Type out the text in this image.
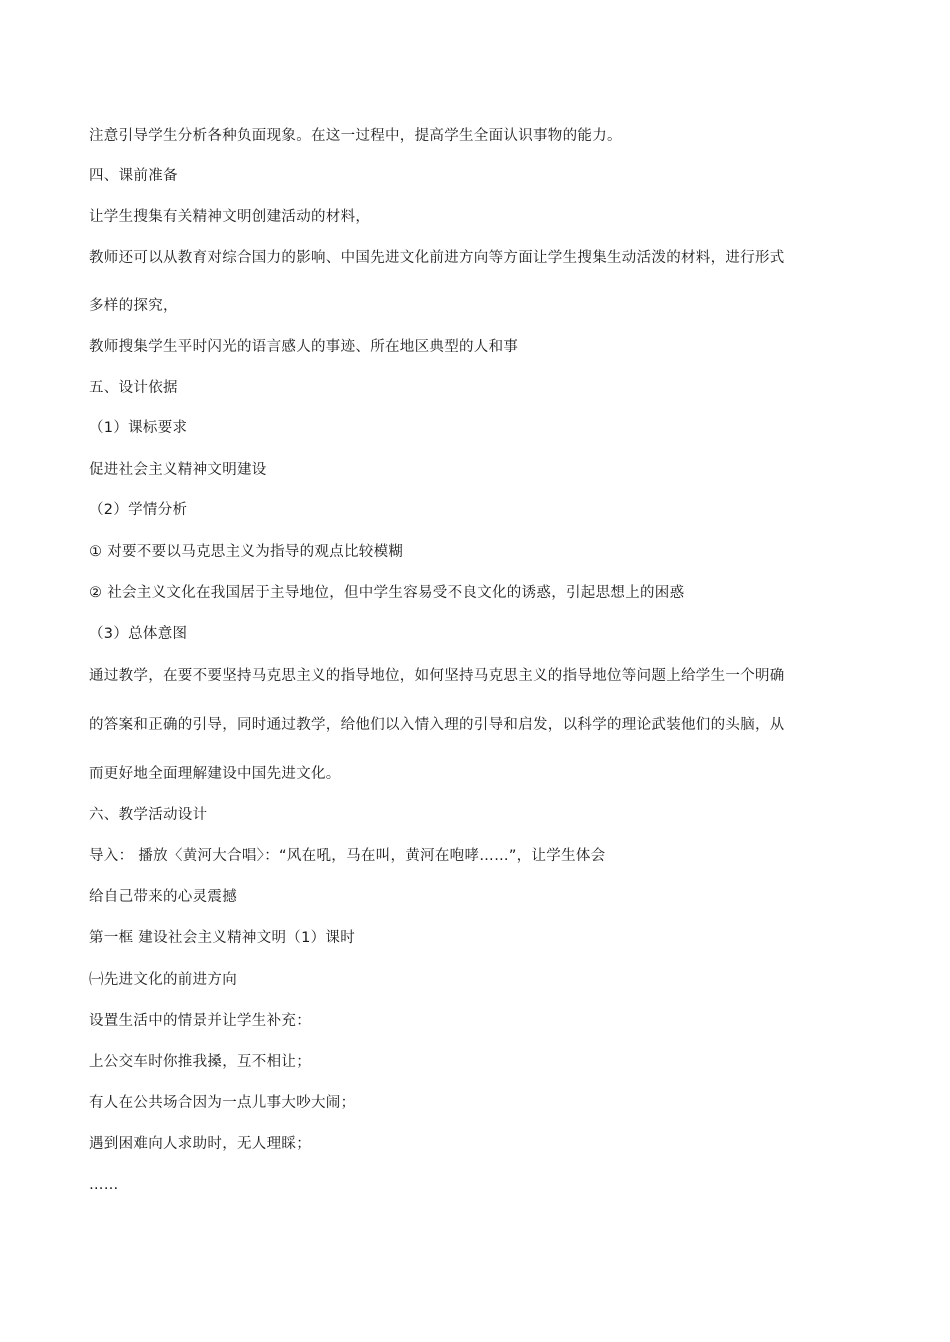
注意引导学生分析各种负面现象。在这一过程中，提高学生全面认识事物的能力。
四、课前准备
让学生搜集有关精神文明创建活动的材料，
教师还可以从教育对综合国力的影响、中国先进文化前进方向等方面让学生搜集生动活泼的材料，进行形式
多样的探究，
教师搜集学生平时闪光的语言感人的事迹、所在地区典型的人和事
五、设计依据
（1）课标要求
促进社会主义精神文明建设
（2）学情分析
① 对要不要以马克思主义为指导的观点比较模糊
② 社会主义文化在我国居于主导地位，但中学生容易受不良文化的诱惑，引起思想上的困惑
（3）总体意图
通过教学，在要不要坚持马克思主义的指导地位，如何坚持马克思主义的指导地位等问题上给学生一个明确
的答案和正确的引导，同时通过教学，给他们以入情入理的引导和启发，以科学的理论武装他们的头脑，从
而更好地全面理解建设中国先进文化。
六、教学活动设计
导入： 播放〈黄河大合唱〉：“风在吼，马在叫，黄河在咆哮……”，让学生体会
给自己带来的心灵震撼
第一框 建设社会主义精神文明（1）课时
㈠先进文化的前进方向
设置生活中的情景并让学生补充：
上公交车时你推我搡，互不相让；
有人在公共场合因为一点儿事大吵大闹；
遇到困难向人求助时，无人理睬；
……
